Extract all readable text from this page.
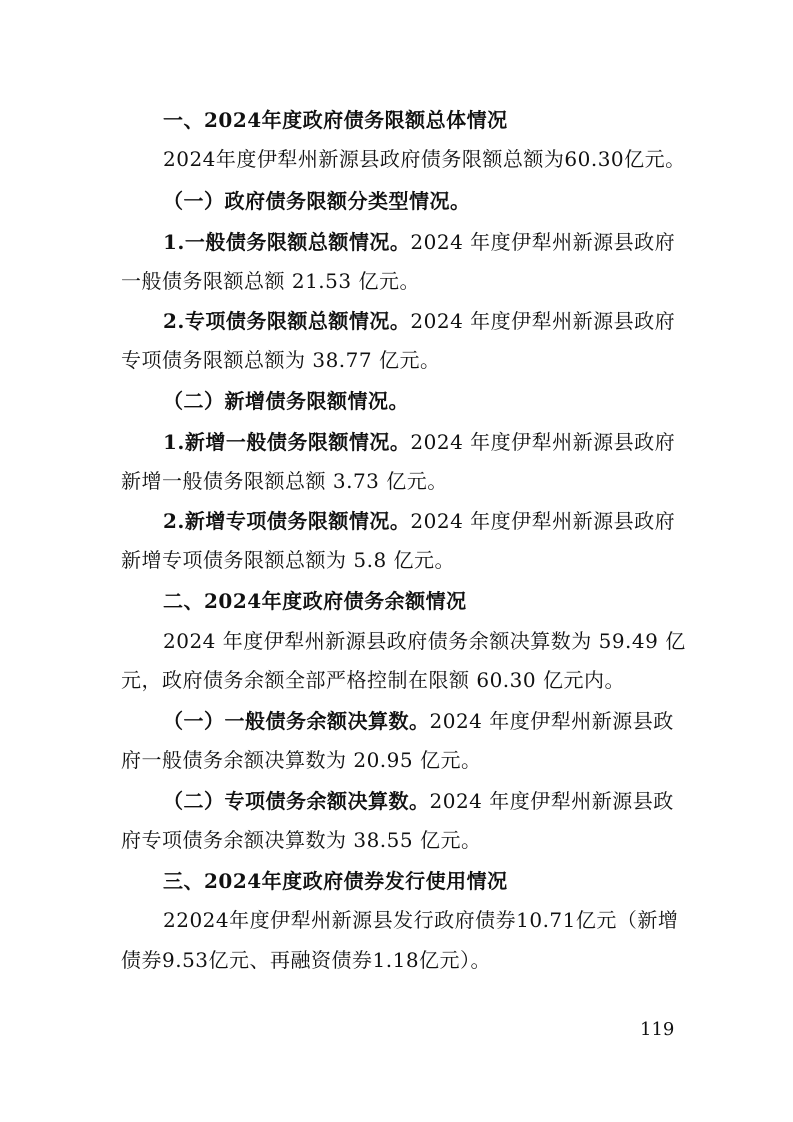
一、2024年度政府债务限额总体情况
2024年度伊犁州新源县政府债务限额总额为60.30亿元。
（一）政府债务限额分类型情况。
1.一般债务限额总额情况。2024 年度伊犁州新源县政府
一般债务限额总额 21.53 亿元。
2.专项债务限额总额情况。2024 年度伊犁州新源县政府
专项债务限额总额为 38.77 亿元。
（二）新增债务限额情况。
1.新增一般债务限额情况。2024 年度伊犁州新源县政府
新增一般债务限额总额 3.73 亿元。
2.新增专项债务限额情况。2024 年度伊犁州新源县政府
新增专项债务限额总额为 5.8 亿元。
二、2024年度政府债务余额情况
2024 年度伊犁州新源县政府债务余额决算数为 59.49 亿
元，政府债务余额全部严格控制在限额 60.30 亿元内。
（一）一般债务余额决算数。2024 年度伊犁州新源县政
府一般债务余额决算数为 20.95 亿元。
（二）专项债务余额决算数。2024 年度伊犁州新源县政
府专项债务余额决算数为 38.55 亿元。
三、2024年度政府债券发行使用情况
22024年度伊犁州新源县发行政府债券10.71亿元（新增
债券9.53亿元、再融资债券1.18亿元）。
119
